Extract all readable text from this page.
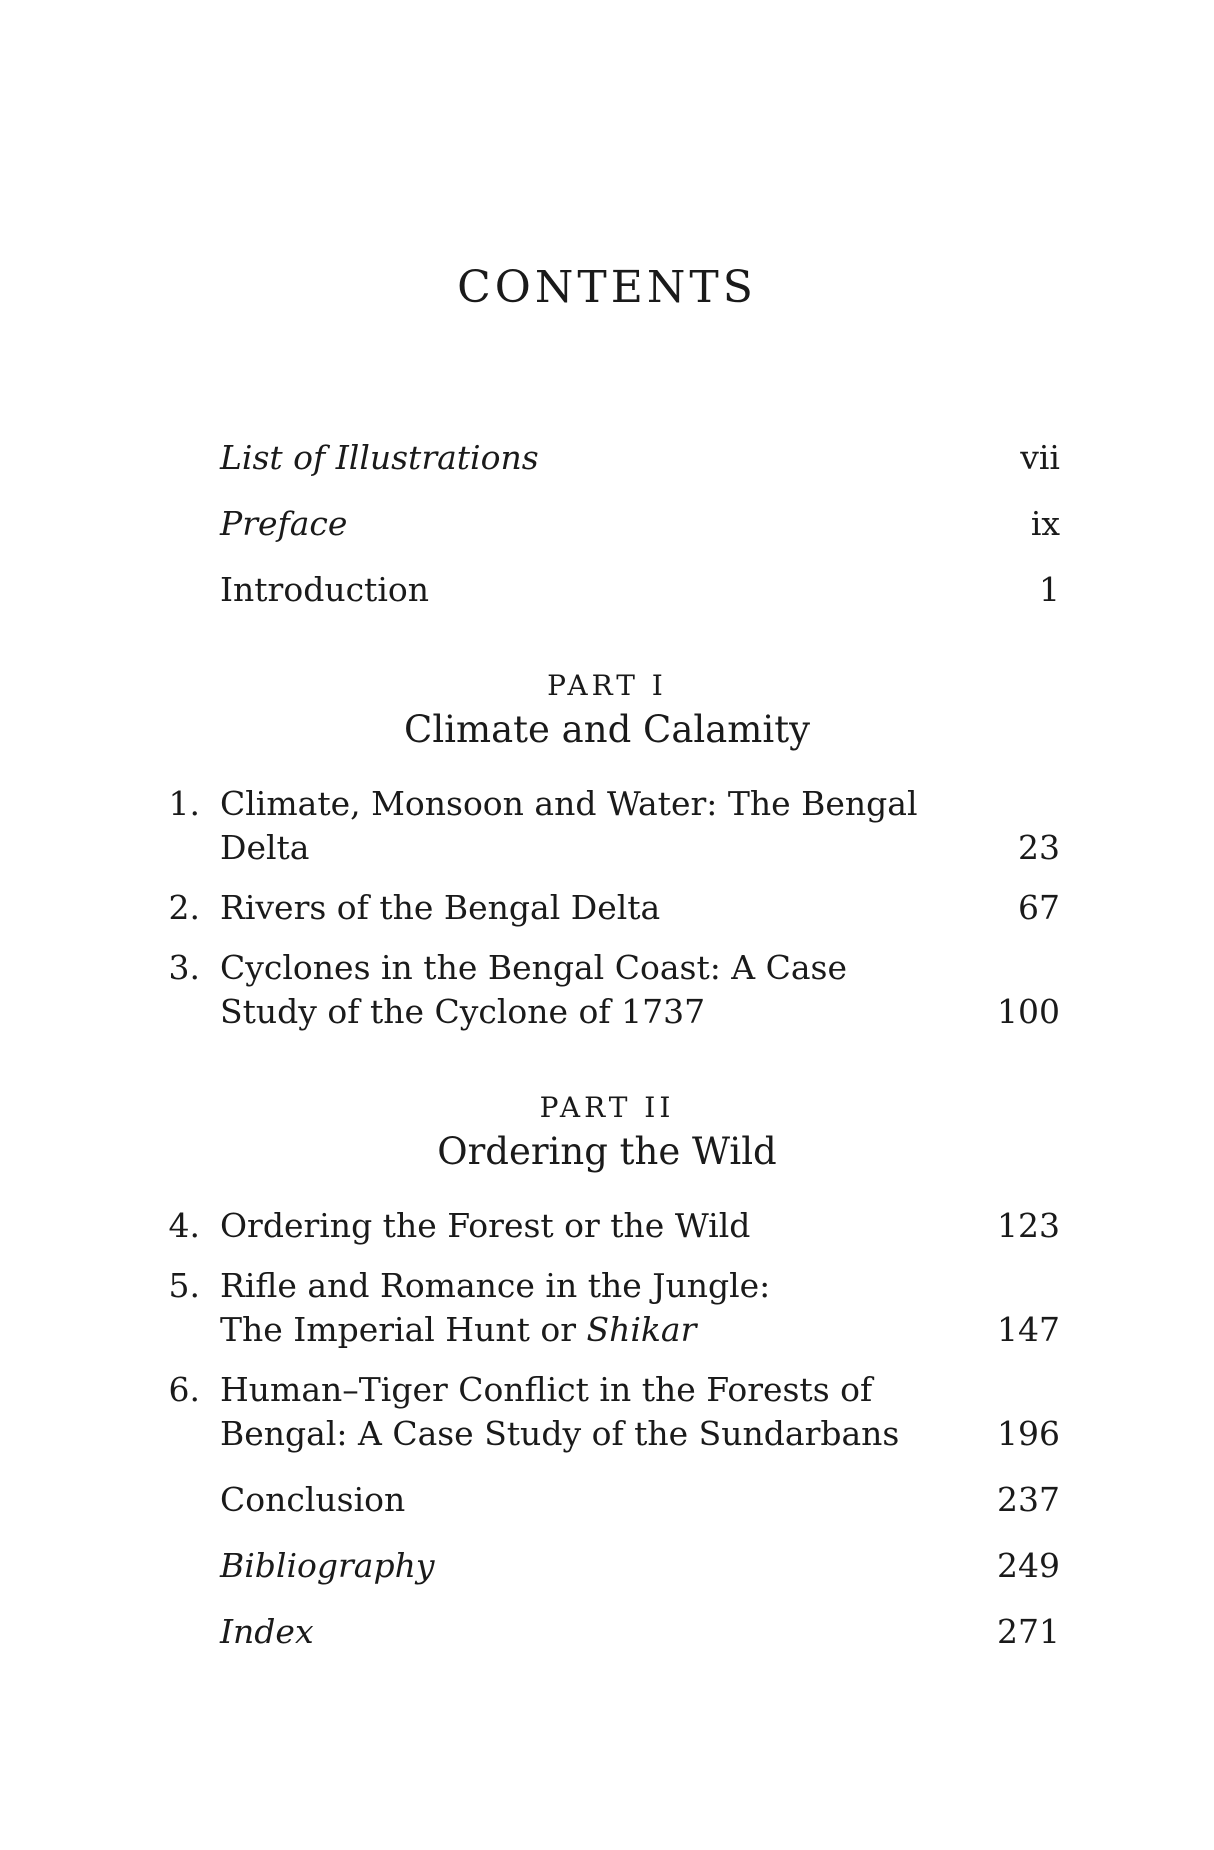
CONTENTS
List of Illustrations	vii
Preface	ix
Introduction	1
PART I
Climate and Calamity
1. Climate, Monsoon and Water: The Bengal
Delta	23
2. Rivers of the Bengal Delta	67
3. Cyclones in the Bengal Coast: A Case
Study of the Cyclone of 1737	100
PART II
Ordering the Wild
4. Ordering the Forest or the Wild	123
5. Rifle and Romance in the Jungle:
The Imperial Hunt or Shikar	147
6. Human–Tiger Conflict in the Forests of
Bengal: A Case Study of the Sundarbans	196
Conclusion	237
Bibliography	249
Index	271
